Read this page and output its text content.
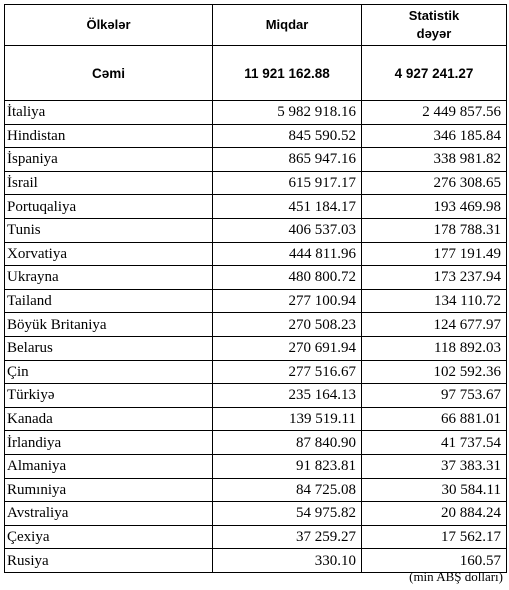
Ölkələr	Miqdar	Statistik
dəyər

Cəmi	11 921 162.88	4 927 241.27
İtaliya	5 982 918.16	2 449 857.56
Hindistan	845 590.52	346 185.84
İspaniya	865 947.16	338 981.82
İsrail	615 917.17	276 308.65
Portuqaliya	451 184.17	193 469.98
Tunis	406 537.03	178 788.31
Xorvatiya	444 811.96	177 191.49
Ukrayna	480 800.72	173 237.94
Tailand	277 100.94	134 110.72
Böyük Britaniya	270 508.23	124 677.97
Belarus	270 691.94	118 892.03
Çin	277 516.67	102 592.36
Türkiyə	235 164.13	97 753.67
Kanada	139 519.11	66 881.01
İrlandiya	87 840.90	41 737.54
Almaniya	91 823.81	37 383.31
Rumıniya	84 725.08	30 584.11
Avstraliya	54 975.82	20 884.24
Çexiya	37 259.27	17 562.17
Rusiya	330.10	160.57
(min ABŞ dolları)
